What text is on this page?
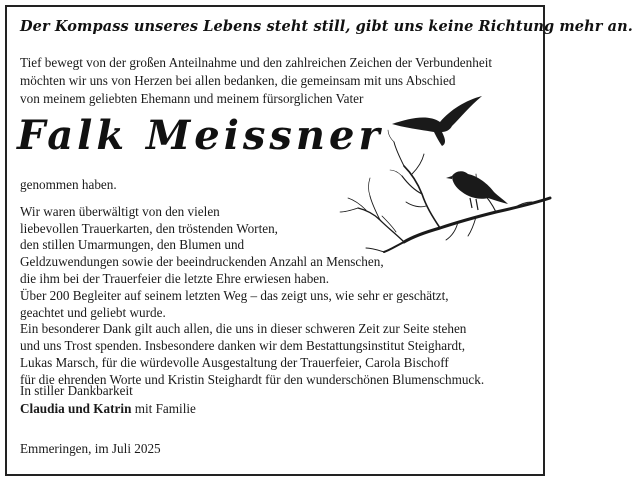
Der Kompass unseres Lebens steht still, gibt uns keine Richtung mehr an.
Tief bewegt von der großen Anteilnahme und den zahlreichen Zeichen der Verbundenheit
möchten wir uns von Herzen bei allen bedanken, die gemeinsam mit uns Abschied
von meinem geliebten Ehemann und meinem fürsorglichen Vater
Falk Meissner
genommen haben.
Wir waren überwältigt von den vielen
liebevollen Trauerkarten, den tröstenden Worten,
den stillen Umarmungen, den Blumen und
Geldzuwendungen sowie der beeindruckenden Anzahl an Menschen,
die ihm bei der Trauerfeier die letzte Ehre erwiesen haben.
Über 200 Begleiter auf seinem letzten Weg – das zeigt uns, wie sehr er geschätzt,
geachtet und geliebt wurde.
Ein besonderer Dank gilt auch allen, die uns in dieser schweren Zeit zur Seite stehen
und uns Trost spenden. Insbesondere danken wir dem Bestattungsinstitut Steighardt,
Lukas Marsch, für die würdevolle Ausgestaltung der Trauerfeier, Carola Bischoff
für die ehrenden Worte und Kristin Steighardt für den wunderschönen Blumenschmuck.
In stiller Dankbarkeit
Claudia und Katrin mit Familie
Emmeringen, im Juli 2025
